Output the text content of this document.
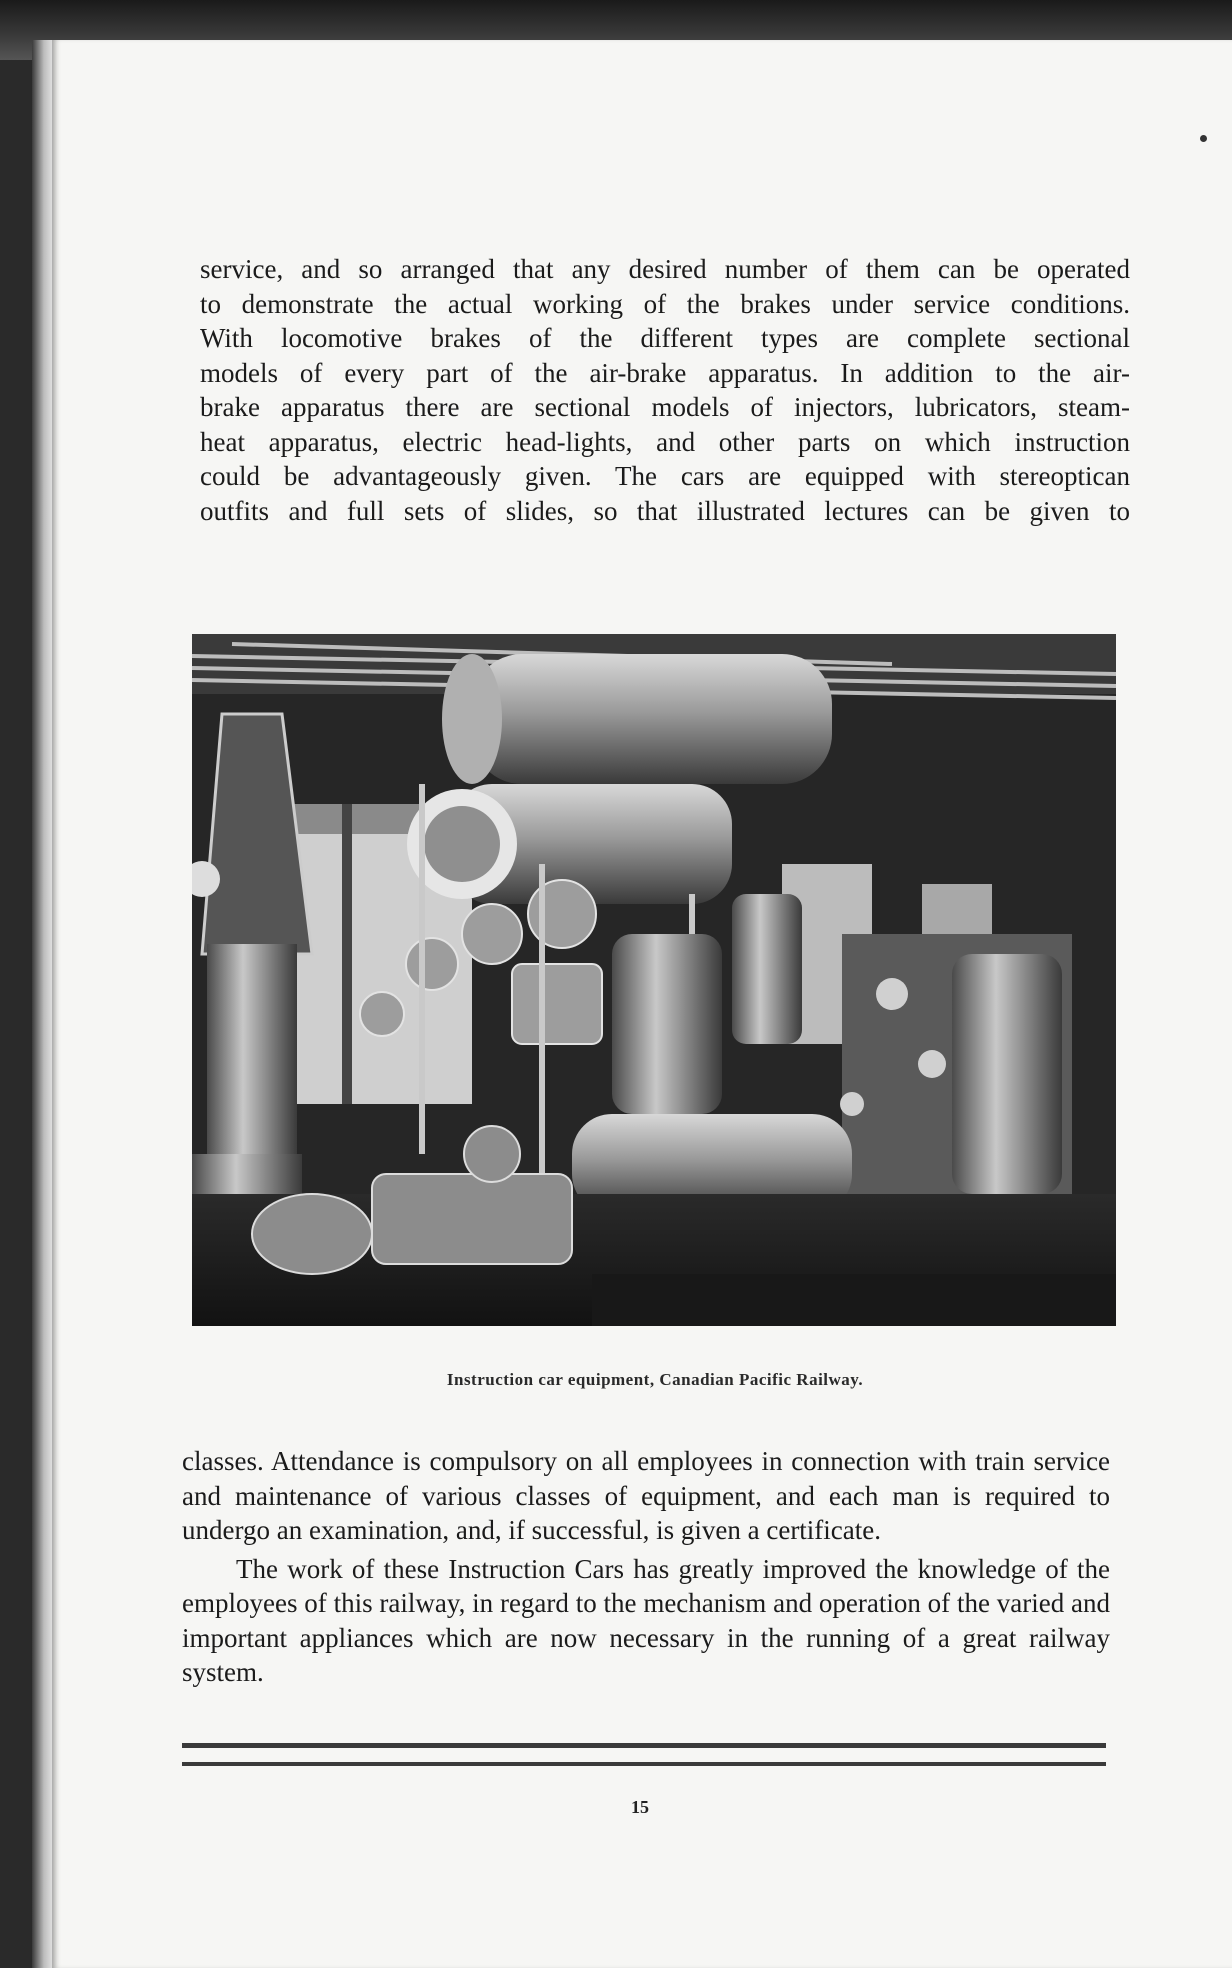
service, and so arranged that any desired number of them can be operated

to demonstrate the actual working of the brakes under service conditions.

With locomotive brakes of the different types are complete sectional

models of every part of the air-brake apparatus. In addition to the air-

brake apparatus there are sectional models of injectors, lubricators, steam-

heat apparatus, electric head-lights, and other parts on which instruction

could be advantageously given. The cars are equipped with stereoptican

outfits and full sets of slides, so that illustrated lectures can be given to

Instruction car equipment, Canadian Pacific Railway.

classes. Attendance is compulsory on all employees in connection with train service and maintenance of various classes of equipment, and each man is required to undergo an examination, and, if successful, is given a certificate.

The work of these Instruction Cars has greatly improved the knowledge of the employees of this railway, in regard to the mechanism and operation of the varied and important appliances which are now necessary in the running of a great railway system.

15
